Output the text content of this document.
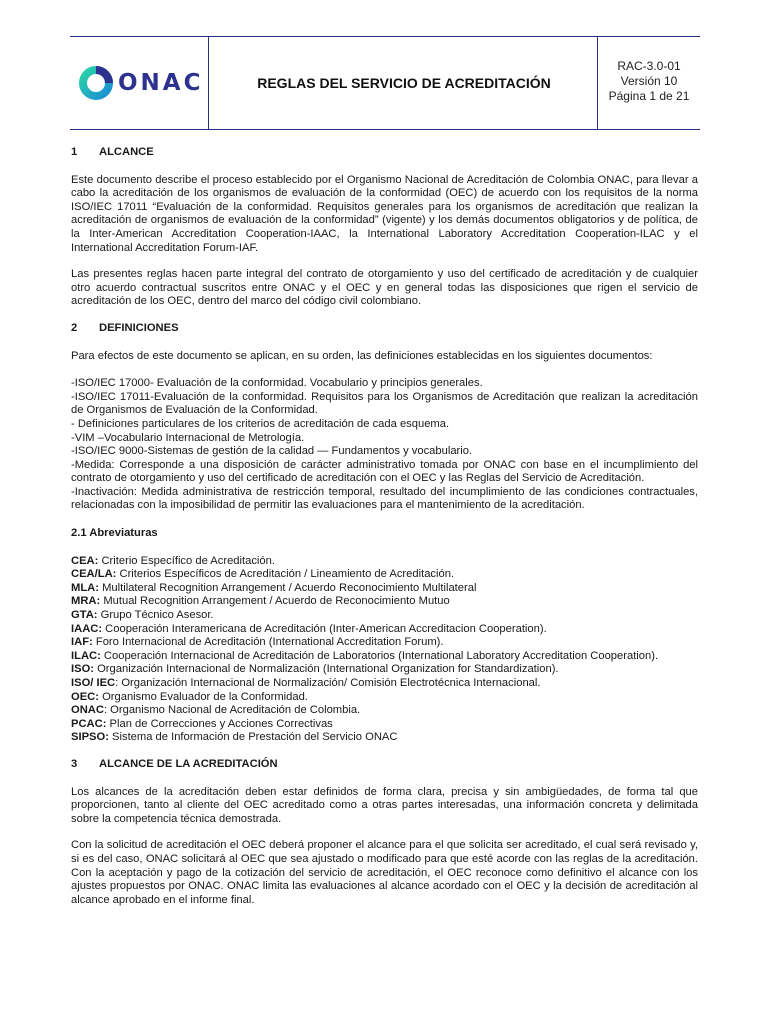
ONAC	REGLAS DEL SERVICIO DE ACREDITACIÓN
RAC-3.0-01
Versión 10
Página 1 de 21
1	ALCANCE

Este documento describe el proceso establecido por el Organismo Nacional de Acreditación de Colombia ONAC, para llevar a cabo la acreditación de los organismos de evaluación de la conformidad (OEC) de acuerdo con los requisitos de la norma ISO/IEC 17011 “Evaluación de la conformidad. Requisitos generales para los organismos de acreditación que realizan la acreditación de organismos de evaluación de la conformidad” (vigente) y los demás documentos obligatorios y de política, de la Inter-American Accreditation Cooperation-IAAC, la International Laboratory Accreditation Cooperation-ILAC y el International Accreditation Forum-IAF.

Las presentes reglas hacen parte integral del contrato de otorgamiento y uso del certificado de acreditación y de cualquier otro acuerdo contractual suscritos entre ONAC y el OEC y en general todas las disposiciones que rigen el servicio de acreditación de los OEC, dentro del marco del código civil colombiano.

2	DEFINICIONES

Para efectos de este documento se aplican, en su orden, las definiciones establecidas en los siguientes documentos:

-ISO/IEC 17000- Evaluación de la conformidad. Vocabulario y principios generales.
-ISO/IEC 17011-Evaluación de la conformidad. Requisitos para los Organismos de Acreditación que realizan la acreditación de Organismos de Evaluación de la Conformidad.
- Definiciones particulares de los criterios de acreditación de cada esquema.
-VIM –Vocabulario Internacional de Metrología.
-ISO/IEC 9000-Sistemas de gestión de la calidad — Fundamentos y vocabulario.
-Medida: Corresponde a una disposición de carácter administrativo tomada por ONAC con base en el incumplimiento del contrato de otorgamiento y uso del certificado de acreditación con el OEC y las Reglas del Servicio de Acreditación.
-Inactivación: Medida administrativa de restricción temporal, resultado del incumplimiento de las condiciones contractuales, relacionadas con la imposibilidad de permitir las evaluaciones para el mantenimiento de la acreditación.
2.1 Abreviaturas
CEA: Criterio Específico de Acreditación.
CEA/LA: Criterios Específicos de Acreditación / Lineamiento de Acreditación.
MLA: Multilateral Recognition Arrangement / Acuerdo Reconocimiento Multilateral
MRA: Mutual Recognition Arrangement / Acuerdo de Reconocimiento Mutuo
GTA: Grupo Técnico Asesor.
IAAC: Cooperación Interamericana de Acreditación (Inter-American Accreditacion Cooperation).
IAF: Foro Internacional de Acreditación (International Accreditation Forum).
ILAC: Cooperación Internacional de Acreditación de Laboratorios (International Laboratory Accreditation Cooperation).
ISO: Organización Internacional de Normalización (International Organization for Standardization).
ISO/ IEC: Organización Internacional de Normalización/ Comisión Electrotécnica Internacional.
OEC: Organismo Evaluador de la Conformidad.
ONAC: Organismo Nacional de Acreditación de Colombia.
PCAC: Plan de Correcciones y Acciones Correctivas
SIPSO: Sistema de Información de Prestación del Servicio ONAC
3	ALCANCE DE LA ACREDITACIÓN

Los alcances de la acreditación deben estar definidos de forma clara, precisa y sin ambigüedades, de forma tal que proporcionen, tanto al cliente del OEC acreditado como a otras partes interesadas, una información concreta y delimitada sobre la competencia técnica demostrada.

Con la solicitud de acreditación el OEC deberá proponer el alcance para el que solicita ser acreditado, el cual será revisado y, si es del caso, ONAC solicitará al OEC que sea ajustado o modificado para que esté acorde con las reglas de la acreditación. Con la aceptación y pago de la cotización del servicio de acreditación, el OEC reconoce como definitivo el alcance con los ajustes propuestos por ONAC. ONAC limita las evaluaciones al alcance acordado con el OEC y la decisión de acreditación al alcance aprobado en el informe final.
